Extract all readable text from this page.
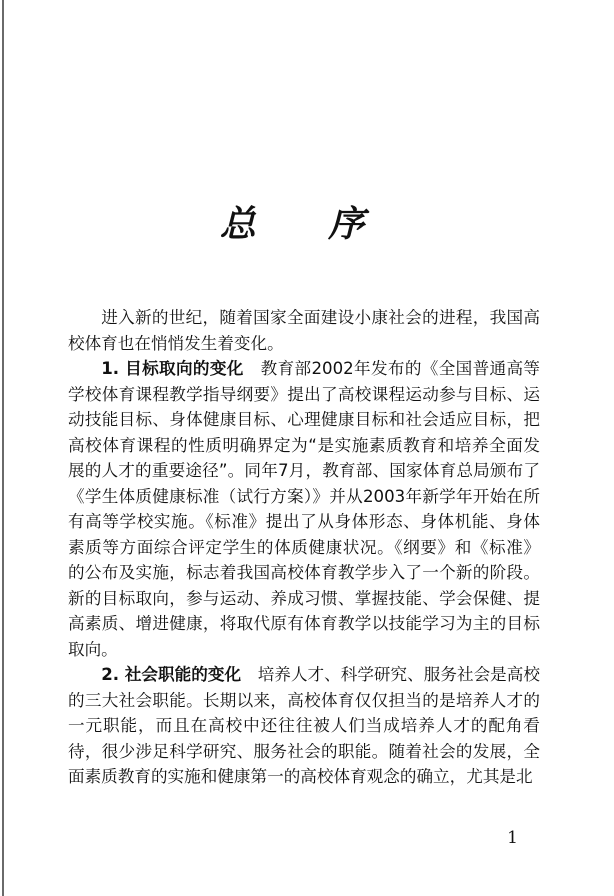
总 序

进入新的世纪，随着国家全面建设小康社会的进程，我国高校体育也在悄悄发生着变化。

1. 目标取向的变化　 教育部2002年发布的《全国普通高等学校体育课程教学指导纲要》提出了高校课程运动参与目标、运动技能目标、身体健康目标、心理健康目标和社会适应目标，把高校体育课程的性质明确界定为“是实施素质教育和培养全面发展的人才的重要途径”。同年7月，教育部、国家体育总局颁布了《学生体质健康标准（试行方案）》并从2003年新学年开始在所有高等学校实施。《标准》提出了从身体形态、身体机能、身体素质等方面综合评定学生的体质健康状况。《纲要》和《标准》的公布及实施，标志着我国高校体育教学步入了一个新的阶段。新的目标取向，参与运动、养成习惯、掌握技能、学会保健、提高素质、增进健康，将取代原有体育教学以技能学习为主的目标取向。

2. 社会职能的变化　 培养人才、科学研究、服务社会是高校的三大社会职能。长期以来，高校体育仅仅担当的是培养人才的一元职能，而且在高校中还往往被人们当成培养人才的配角看待，很少涉足科学研究、服务社会的职能。随着社会的发展，全面素质教育的实施和健康第一的高校体育观念的确立，尤其是北

1
